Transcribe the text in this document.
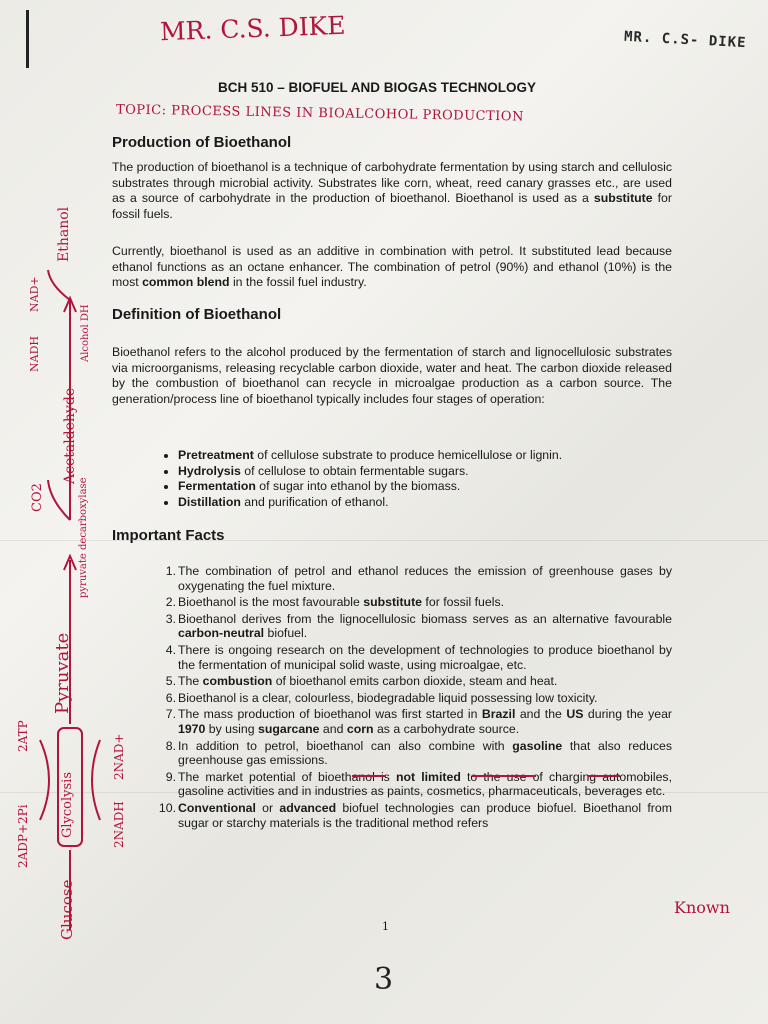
MR. C.S. DIKE	MR. C.S- DIKE
BCH 510 – BIOFUEL AND BIOGAS TECHNOLOGY
TOPIC: PROCESS LINES IN BIOALCOHOL PRODUCTION
Production of Bioethanol

The production of bioethanol is a technique of carbohydrate fermentation by using starch and cellulosic substrates through microbial activity. Substrates like corn, wheat, reed canary grasses etc., are used as a source of carbohydrate in the production of bioethanol. Bioethanol is used as a substitute for fossil fuels.

Currently, bioethanol is used as an additive in combination with petrol. It substituted lead because ethanol functions as an octane enhancer. The combination of petrol (90%) and ethanol (10%) is the most common blend in the fossil fuel industry.

Definition of Bioethanol

Bioethanol refers to the alcohol produced by the fermentation of starch and lignocellulosic substrates via microorganisms, releasing recyclable carbon dioxide, water and heat. The carbon dioxide released by the combustion of bioethanol can recycle in microalgae production as a carbon source. The generation/process line of bioethanol typically includes four stages of operation:

• Pretreatment of cellulose substrate to produce hemicellulose or lignin.
• Hydrolysis of cellulose to obtain fermentable sugars.
• Fermentation of sugar into ethanol by the biomass.
• Distillation and purification of ethanol.
Important Facts
1. The combination of petrol and ethanol reduces the emission of greenhouse gases by oxygenating the fuel mixture.
2. Bioethanol is the most favourable substitute for fossil fuels.
3. Bioethanol derives from the lignocellulosic biomass serves as an alternative favourable carbon-neutral biofuel.
4. There is ongoing research on the development of technologies to produce bioethanol by the fermentation of municipal solid waste, using microalgae, etc.
5. The combustion of bioethanol emits carbon dioxide, steam and heat.
6. Bioethanol is a clear, colourless, biodegradable liquid possessing low toxicity.
7. The mass production of bioethanol was first started in Brazil and the US during the year 1970 by using sugarcane and corn as a carbohydrate source.
8. In addition to petrol, bioethanol can also combine with gasoline that also reduces greenhouse gas emissions.
9. The market potential of bioethanol is not limited to the use of charging automobiles, gasoline activities and in industries as paints, cosmetics, pharmaceuticals, beverages etc.
10. Conventional or advanced biofuel technologies can produce biofuel. Bioethanol from sugar or starchy materials is the traditional method refers
Known
1
3
Glucose
Glycolysis
Pyruvate
pyruvate decarboxylase
CO2
Acetaldehyde
Alcohol DH
NADH
NAD+
Ethanol
2ADP+2Pi
2ATP
2NADH
2NAD+
